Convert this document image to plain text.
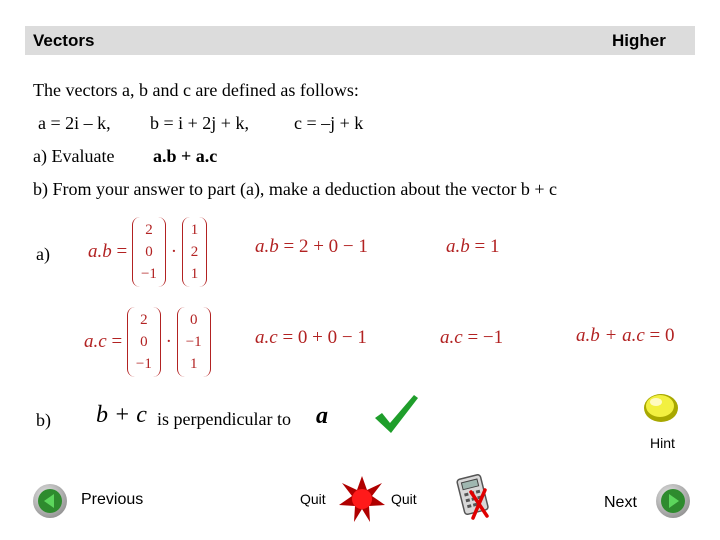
Vectors	Higher
The vectors a, b and c are defined as follows:
a = 2i – k, b = i + 2j + k,	c = –j + k
a) Evaluate a.b + a.c
b) From your answer to part (a), make a deduction about the vector b + c
a) a.b =
2
0
−1
·
1
2
1
a.b = 2 + 0 − 1	a.b = 1
a.c =
2
0
−1
·
0
−1
1
a.c = 0 + 0 − 1	a.c = −1	a.b + a.c = 0
b) b + c is perpendicular to a
Hint
Previous	Quit	Quit	Next
